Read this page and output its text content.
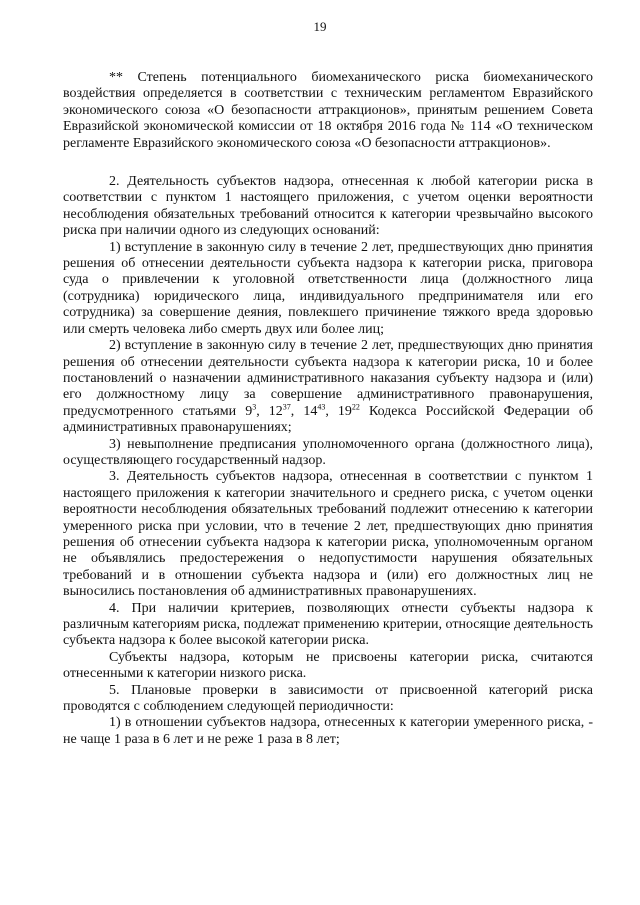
19

** Степень потенциального биомеханического риска биомеханического воздействия определяется в соответствии с техническим регламентом Евразийского экономического союза «О безопасности аттракционов», принятым решением Совета Евразийской экономической комиссии от 18 октября 2016 года № 114 «О техническом регламенте Евразийского экономического союза «О безопасности аттракционов».

2. Деятельность субъектов надзора, отнесенная к любой категории риска в соответствии с пунктом 1 настоящего приложения, с учетом оценки вероятности несоблюдения обязательных требований относится к категории чрезвычайно высокого риска при наличии одного из следующих оснований:

1) вступление в законную силу в течение 2 лет, предшествующих дню принятия решения об отнесении деятельности субъекта надзора к категории риска, приговора суда о привлечении к уголовной ответственности лица (должностного лица (сотрудника) юридического лица, индивидуального предпринимателя или его сотрудника) за совершение деяния, повлекшего причинение тяжкого вреда здоровью или смерть человека либо смерть двух или более лиц;

2) вступление в законную силу в течение 2 лет, предшествующих дню принятия решения об отнесении деятельности субъекта надзора к категории риска, 10 и более постановлений о назначении административного наказания субъекту надзора и (или) его должностному лицу за совершение административного правонарушения, предусмотренного статьями $9^3$, $12^{37}$, $14^{43}$, $19^{22}$ Кодекса Российской Федерации об административных правонарушениях;

3) невыполнение предписания уполномоченного органа (должностного лица), осуществляющего государственный надзор.

3. Деятельность субъектов надзора, отнесенная в соответствии с пунктом 1 настоящего приложения к категории значительного и среднего риска, с учетом оценки вероятности несоблюдения обязательных требований подлежит отнесению к категории умеренного риска при условии, что в течение 2 лет, предшествующих дню принятия решения об отнесении субъекта надзора к категории риска, уполномоченным органом не объявлялись предостережения о недопустимости нарушения обязательных требований и в отношении субъекта надзора и (или) его должностных лиц не выносились постановления об административных правонарушениях.

4. При наличии критериев, позволяющих отнести субъекты надзора к различным категориям риска, подлежат применению критерии, относящие деятельность субъекта надзора к более высокой категории риска.

Субъекты надзора, которым не присвоены категории риска, считаются отнесенными к категории низкого риска.

5. Плановые проверки в зависимости от присвоенной категорий риска проводятся с соблюдением следующей периодичности:

1) в отношении субъектов надзора, отнесенных к категории умеренного риска, - не чаще 1 раза в 6 лет и не реже 1 раза в 8 лет;
